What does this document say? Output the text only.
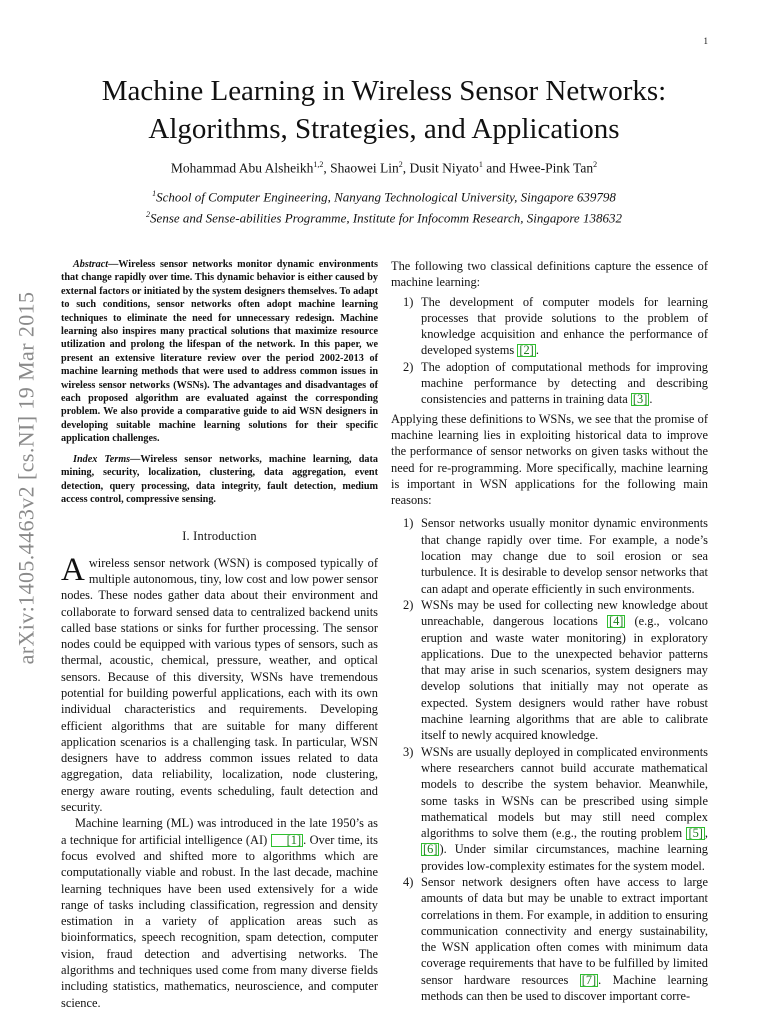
1
arXiv:1405.4463v2 [cs.NI] 19 Mar 2015
Machine Learning in Wireless Sensor Networks:
Algorithms, Strategies, and Applications
Mohammad Abu Alsheikh$^{1,2}$, Shaowei Lin$^2$, Dusit Niyato$^1$ and Hwee-Pink Tan$^2$
$^1$School of Computer Engineering, Nanyang Technological University, Singapore 639798
$^2$Sense and Sense-abilities Programme, Institute for Infocomm Research, Singapore 138632

Abstract—Wireless sensor networks monitor dynamic environments that change rapidly over time. This dynamic behavior is either caused by external factors or initiated by the system designers themselves. To adapt to such conditions, sensor networks often adopt machine learning techniques to eliminate the need for unnecessary redesign. Machine learning also inspires many practical solutions that maximize resource utilization and prolong the lifespan of the network. In this paper, we present an extensive literature review over the period 2002-2013 of machine learning methods that were used to address common issues in wireless sensor networks (WSNs). The advantages and disadvantages of each proposed algorithm are evaluated against the corresponding problem. We also provide a comparative guide to aid WSN designers in developing suitable machine learning solutions for their specific application challenges.

Index Terms—Wireless sensor networks, machine learning, data mining, security, localization, clustering, data aggregation, event detection, query processing, data integrity, fault detection, medium access control, compressive sensing.

I. Introduction

A wireless sensor network (WSN) is composed typically of multiple autonomous, tiny, low cost and low power sensor nodes. These nodes gather data about their environment and collaborate to forward sensed data to centralized backend units called base stations or sinks for further processing. The sensor nodes could be equipped with various types of sensors, such as thermal, acoustic, chemical, pressure, weather, and optical sensors. Because of this diversity, WSNs have tremendous potential for building powerful applications, each with its own individual characteristics and requirements. Developing efficient algorithms that are suitable for many different application scenarios is a challenging task. In particular, WSN designers have to address common issues related to data aggregation, data reliability, localization, node clustering, energy aware routing, events scheduling, fault detection and security.

Machine learning (ML) was introduced in the late 1950’s as a technique for artificial intelligence (AI) [1] . Over time, its focus evolved and shifted more to algorithms which are computationally viable and robust. In the last decade, machine learning techniques have been used extensively for a wide range of tasks including classification, regression and density estimation in a variety of application areas such as bioinformatics, speech recognition, spam detection, computer vision, fraud detection and advertising networks. The algorithms and techniques used come from many diverse fields including statistics, mathematics, neuroscience, and computer science.

The following two classical definitions capture the essence of machine learning:

1) The development of computer models for learning processes that provide solutions to the problem of knowledge acquisition and enhance the performance of developed systems [2] .
2) The adoption of computational methods for improving machine performance by detecting and describing consistencies and patterns in training data [3] .

Applying these definitions to WSNs, we see that the promise of machine learning lies in exploiting historical data to improve the performance of sensor networks on given tasks without the need for re-programming. More specifically, machine learning is important in WSN applications for the following main reasons:

1) Sensor networks usually monitor dynamic environments that change rapidly over time. For example, a node’s location may change due to soil erosion or sea turbulence. It is desirable to develop sensor networks that can adapt and operate efficiently in such environments.
2) WSNs may be used for collecting new knowledge about unreachable, dangerous locations [4] (e.g., volcano eruption and waste water monitoring) in exploratory applications. Due to the unexpected behavior patterns that may arise in such scenarios, system designers may develop solutions that initially may not operate as expected. System designers would rather have robust machine learning algorithms that are able to calibrate itself to newly acquired knowledge.
3) WSNs are usually deployed in complicated environments where researchers cannot build accurate mathematical models to describe the system behavior. Meanwhile, some tasks in WSNs can be prescribed using simple mathematical models but may still need complex algorithms to solve them (e.g., the routing problem [5] , [6] ). Under similar circumstances, machine learning provides low-complexity estimates for the system model.
4) Sensor network designers often have access to large amounts of data but may be unable to extract important correlations in them. For example, in addition to ensuring communication connectivity and energy sustainability, the WSN application often comes with minimum data coverage requirements that have to be fulfilled by limited sensor hardware resources [7] . Machine learning methods can then be used to discover important corre-
